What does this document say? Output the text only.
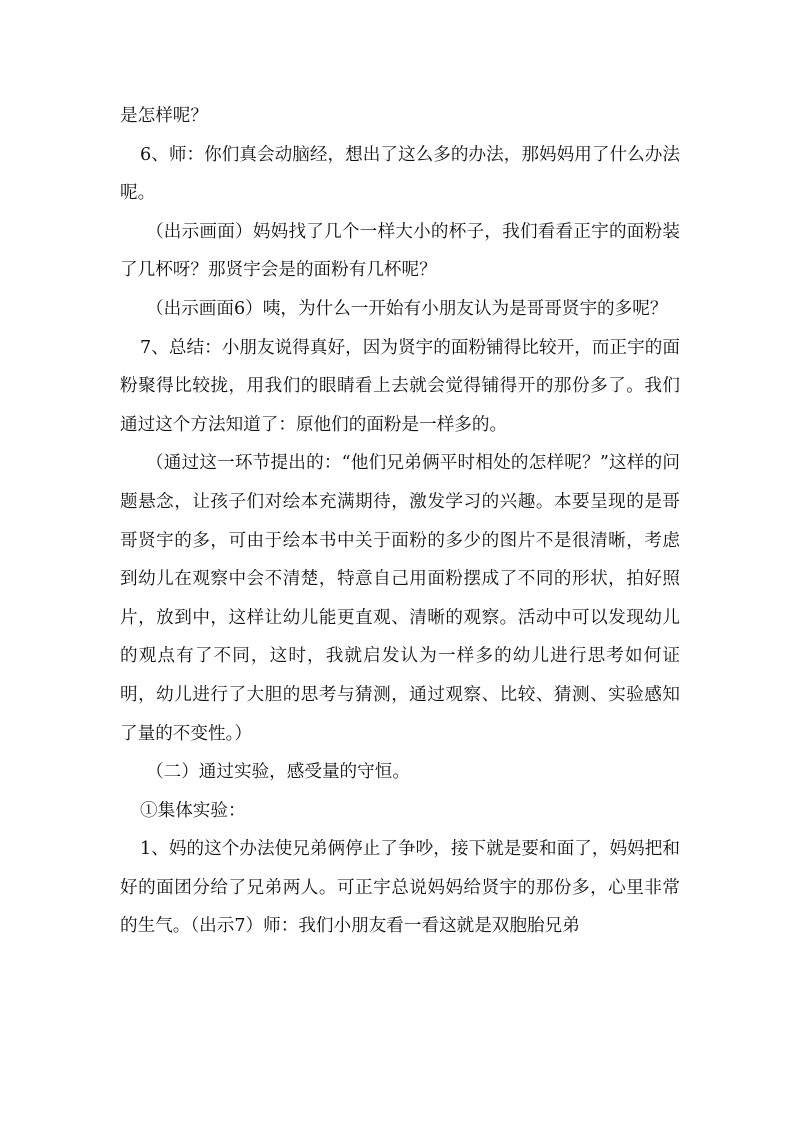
是怎样呢？

6、师：你们真会动脑经，想出了这么多的办法，那妈妈用了什么办法呢。

（出示画面）妈妈找了几个一样大小的杯子，我们看看正宇的面粉装了几杯呀？那贤宇会是的面粉有几杯呢？

（出示画面6）咦，为什么一开始有小朋友认为是哥哥贤宇的多呢？

7、总结：小朋友说得真好，因为贤宇的面粉铺得比较开，而正宇的面粉聚得比较拢，用我们的眼睛看上去就会觉得铺得开的那份多了。我们通过这个方法知道了：原他们的面粉是一样多的。

（通过这一环节提出的：“他们兄弟俩平时相处的怎样呢？”这样的问题悬念，让孩子们对绘本充满期待，激发学习的兴趣。本要呈现的是哥哥贤宇的多，可由于绘本书中关于面粉的多少的图片不是很清晰，考虑到幼儿在观察中会不清楚，特意自己用面粉摆成了不同的形状，拍好照片，放到中，这样让幼儿能更直观、清晰的观察。活动中可以发现幼儿的观点有了不同，这时，我就启发认为一样多的幼儿进行思考如何证明，幼儿进行了大胆的思考与猜测，通过观察、比较、猜测、实验感知了量的不变性。）

（二）通过实验，感受量的守恒。

①集体实验：

1、妈的这个办法使兄弟俩停止了争吵，接下就是要和面了，妈妈把和好的面团分给了兄弟两人。可正宇总说妈妈给贤宇的那份多，心里非常的生气。（出示7）师：我们小朋友看一看这就是双胞胎兄弟
